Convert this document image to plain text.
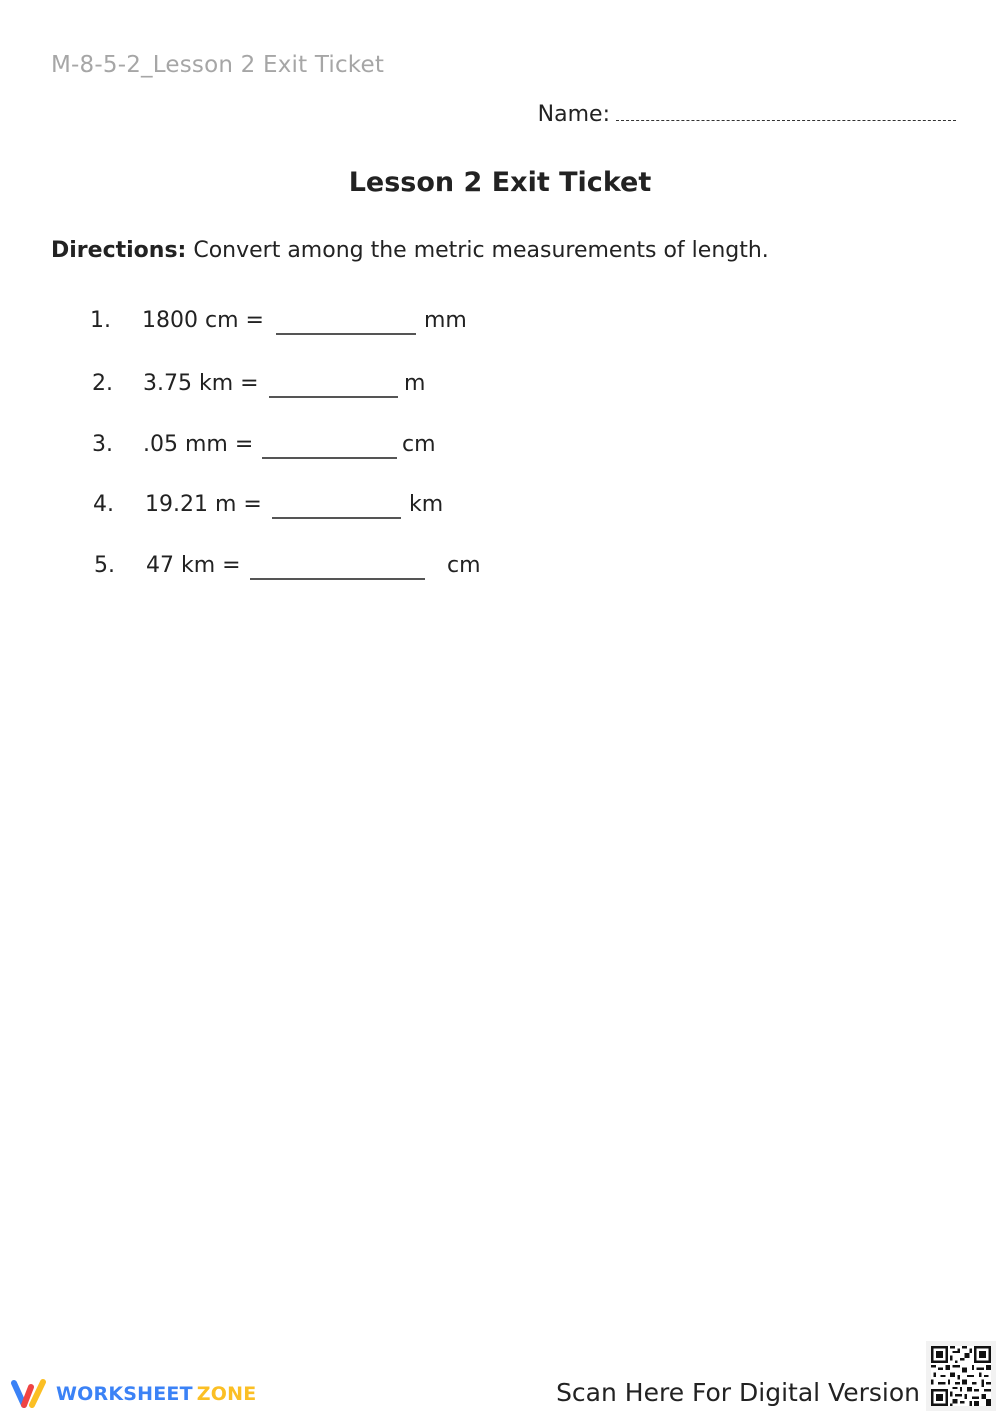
M-8-5-2_Lesson 2 Exit Ticket
Name:
Lesson 2 Exit Ticket
Directions: Convert among the metric measurements of length.
1. 1800 cm =	mm
2. 3.75 km =	m
3. .05 mm =	cm
4. 19.21 m =	km
5. 47 km =	cm
WORKSHEET ZONE	Scan Here For Digital Version
